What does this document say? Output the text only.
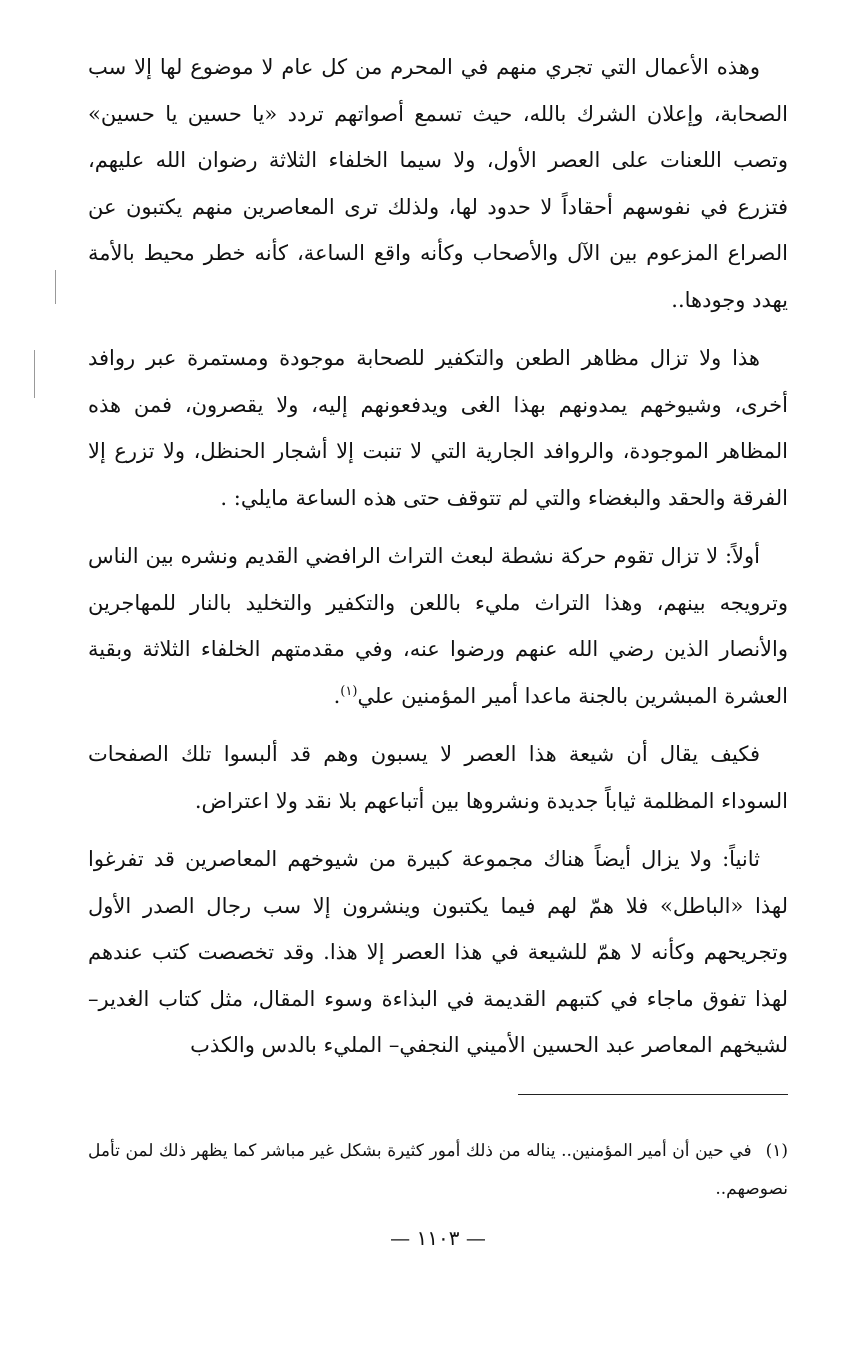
وهذه الأعمال التي تجري منهم في المحرم من كل عام لا موضوع لها إلا سب الصحابة، وإعلان الشرك بالله، حيث تسمع أصواتهم تردد «يا حسين يا حسين» وتصب اللعنات على العصر الأول، ولا سيما الخلفاء الثلاثة رضوان الله عليهم، فتزرع في نفوسهم أحقاداً لا حدود لها، ولذلك ترى المعاصرين منهم يكتبون عن الصراع المزعوم بين الآل والأصحاب وكأنه واقع الساعة، كأنه خطر محيط بالأمة يهدد وجودها..

هذا ولا تزال مظاهر الطعن والتكفير للصحابة موجودة ومستمرة عبر روافد أخرى، وشيوخهم يمدونهم بهذا الغى ويدفعونهم إليه، ولا يقصرون، فمن هذه المظاهر الموجودة، والروافد الجارية التي لا تنبت إلا أشجار الحنظل، ولا تزرع إلا الفرقة والحقد والبغضاء والتي لم تتوقف حتى هذه الساعة مايلي: .

أولاً: لا تزال تقوم حركة نشطة لبعث التراث الرافضي القديم ونشره بين الناس وترويجه بينهم، وهذا التراث مليء باللعن والتكفير والتخليد بالنار للمهاجرين والأنصار الذين رضي الله عنهم ورضوا عنه، وفي مقدمتهم الخلفاء الثلاثة وبقية العشرة المبشرين بالجنة ماعدا أمير المؤمنين علي$^{(١)}$.

فكيف يقال أن شيعة هذا العصر لا يسبون وهم قد ألبسوا تلك الصفحات السوداء المظلمة ثياباً جديدة ونشروها بين أتباعهم بلا نقد ولا اعتراض.

ثانياً: ولا يزال أيضاً هناك مجموعة كبيرة من شيوخهم المعاصرين قد تفرغوا لهذا «الباطل» فلا همّ لهم فيما يكتبون وينشرون إلا سب رجال الصدر الأول وتجريحهم وكأنه لا همّ للشيعة في هذا العصر إلا هذا. وقد تخصصت كتب عندهم لهذا تفوق ماجاء في كتبهم القديمة في البذاءة وسوء المقال، مثل كتاب الغدير– لشيخهم المعاصر عبد الحسين الأميني النجفي– المليء بالدس والكذب

(١)في حين أن أمير المؤمنين.. يناله من ذلك أمور كثيرة بشكل غير مباشر كما يظهر ذلك لمن تأمل نصوصهم..
— ١١٠٣ —
